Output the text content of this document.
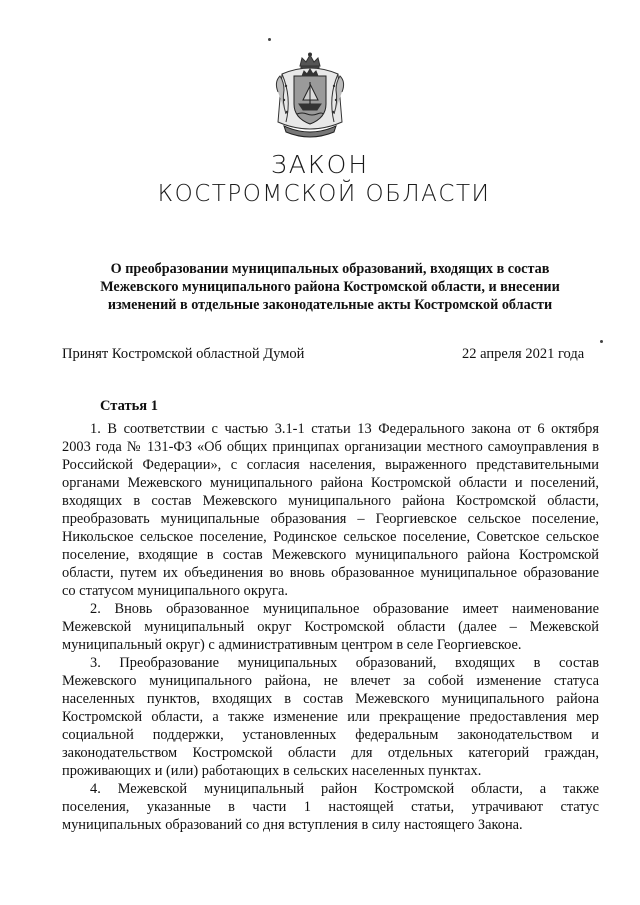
ЗАКОН
КОСТРОМСКОЙ ОБЛАСТИ
О преобразовании муниципальных образований, входящих в состав
Межевского муниципального района Костромской области, и внесении
изменений в отдельные законодательные акты Костромской области
Принят Костромской областной Думой	22 апреля 2021 года
Статья 1
1. В соответствии с частью 3.1-1 статьи 13 Федерального закона от 6 октября
2003 года № 131-ФЗ «Об общих принципах организации местного самоуправления в
Российской Федерации», с согласия населения, выраженного представительными
органами Межевского муниципального района Костромской области и поселений,
входящих в состав Межевского муниципального района Костромской области,
преобразовать муниципальные образования – Георгиевское сельское поселение,
Никольское сельское поселение, Родинское сельское поселение, Советское сельское
поселение, входящие в состав Межевского муниципального района Костромской
области, путем их объединения во вновь образованное муниципальное образование
со статусом муниципального округа.
2. Вновь образованное муниципальное образование имеет наименование
Межевской муниципальный округ Костромской области (далее – Межевской
муниципальный округ) с административным центром в селе Георгиевское.
3. Преобразование муниципальных образований, входящих в состав
Межевского муниципального района, не влечет за собой изменение статуса
населенных пунктов, входящих в состав Межевского муниципального района
Костромской области, а также изменение или прекращение предоставления мер
социальной поддержки, установленных федеральным законодательством и
законодательством Костромской области для отдельных категорий граждан,
проживающих и (или) работающих в сельских населенных пунктах.
4. Межевской муниципальный район Костромской области, а также
поселения, указанные в части 1 настоящей статьи, утрачивают статус
муниципальных образований со дня вступления в силу настоящего Закона.
